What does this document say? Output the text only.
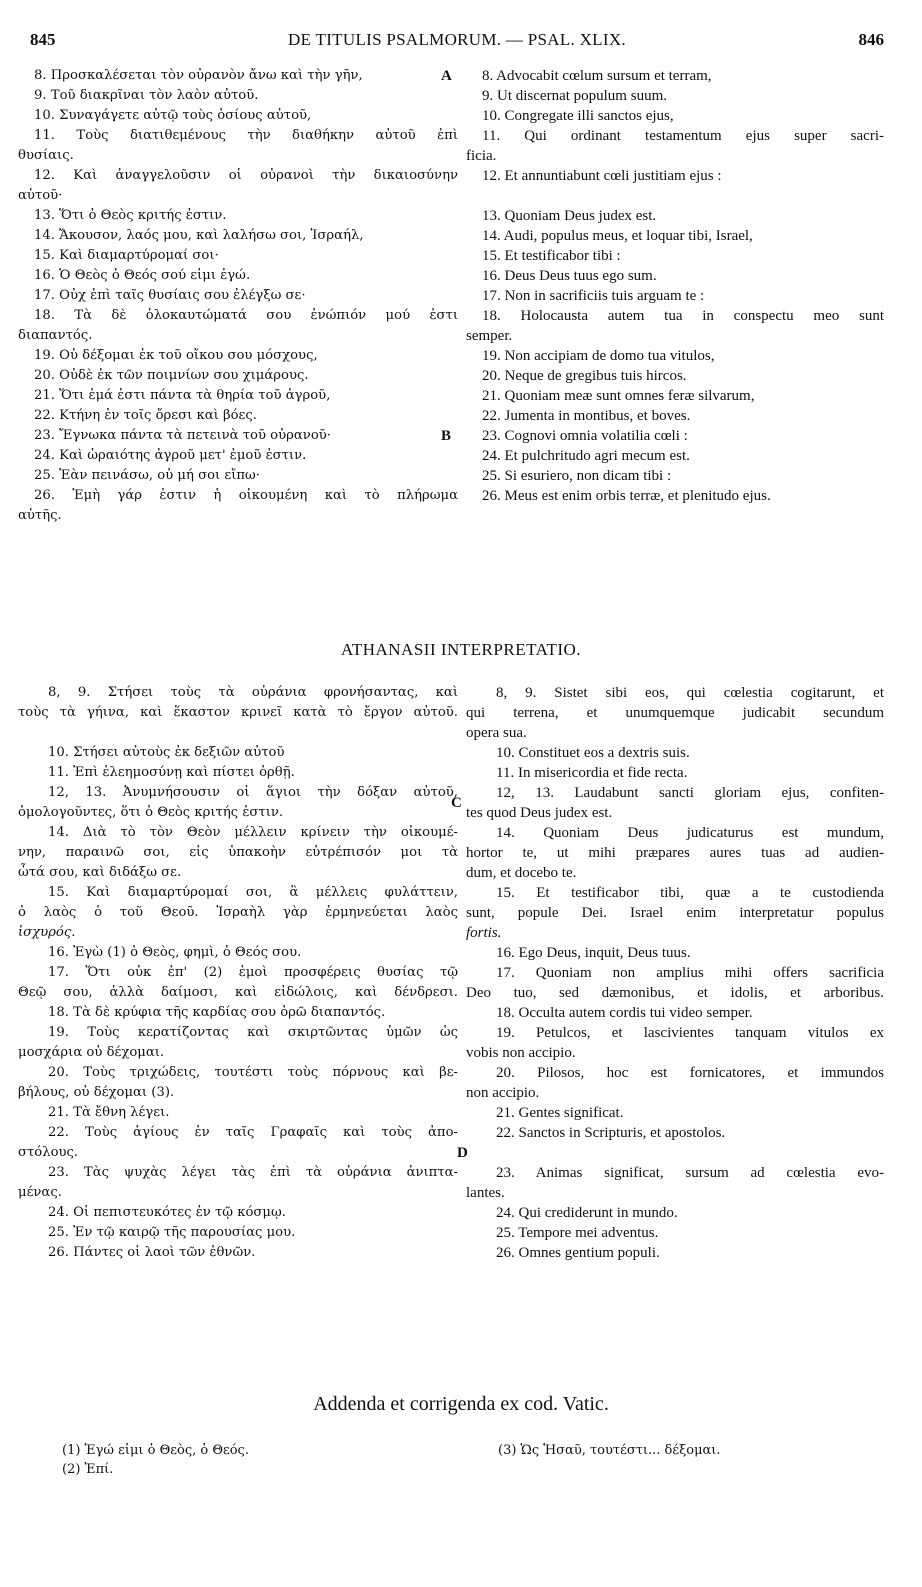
845	DE TITULIS PSALMORUM. — PSAL. XLIX.	846
8. Προσκαλέσεται τὸν οὐρανὸν ἄνω καὶ τὴν γῆν,
9. Τοῦ διακρῖναι τὸν λαὸν αὐτοῦ.
10. Συναγάγετε αὐτῷ τοὺς ὁσίους αὐτοῦ,
11. Τοὺς διατιθεμένους τὴν διαθήκην αὐτοῦ ἐπὶ
θυσίαις.
12. Καὶ ἀναγγελοῦσιν οἱ οὐρανοὶ τὴν δικαιοσύνην
αὐτοῦ·
13. Ὅτι ὁ Θεὸς κριτής ἐστιν.
14. Ἄκουσον, λαός μου, καὶ λαλήσω σοι, Ἰσραήλ,
15. Καὶ διαμαρτύρομαί σοι·
16. Ὁ Θεὸς ὁ Θεός σού εἰμι ἐγώ.
17. Οὐχ ἐπὶ ταῖς θυσίαις σου ἐλέγξω σε·
18. Τὰ δὲ ὁλοκαυτώματά σου ἐνώπιόν μού ἐστι
διαπαντός.
19. Οὐ δέξομαι ἐκ τοῦ οἴκου σου μόσχους,
20. Οὐδὲ ἐκ τῶν ποιμνίων σου χιμάρους.
21. Ὅτι ἐμά ἐστι πάντα τὰ θηρία τοῦ ἀγροῦ,
22. Κτήνη ἐν τοῖς ὄρεσι καὶ βόες.
23. Ἔγνωκα πάντα τὰ πετεινὰ τοῦ οὐρανοῦ·
24. Καὶ ὡραιότης ἀγροῦ μετ' ἐμοῦ ἐστιν.
25. Ἐὰν πεινάσω, οὐ μή σοι εἴπω·
26. Ἐμὴ γάρ ἐστιν ἡ οἰκουμένη καὶ τὸ πλήρωμα
αὐτῆς.
8. Advocabit cœlum sursum et terram,
9. Ut discernat populum suum.
10. Congregate illi sanctos ejus,
11. Qui ordinant testamentum ejus super sacri-
ficia.
12. Et annuntiabunt cœli justitiam ejus :
13. Quoniam Deus judex est.
14. Audi, populus meus, et loquar tibi, Israel,
15. Et testificabor tibi :
16. Deus Deus tuus ego sum.
17. Non in sacrificiis tuis arguam te :
18. Holocausta autem tua in conspectu meo sunt
semper.
19. Non accipiam de domo tua vitulos,
20. Neque de gregibus tuis hircos.
21. Quoniam meæ sunt omnes feræ silvarum,
22. Jumenta in montibus, et boves.
23. Cognovi omnia volatilia cœli :
24. Et pulchritudo agri mecum est.
25. Si esuriero, non dicam tibi :
26. Meus est enim orbis terræ, et plenitudo ejus.
A
B
ATHANASII INTERPRETATIO.
8, 9. Στήσει τοὺς τὰ οὐράνια φρονήσαντας, καὶ
τοὺς τὰ γήινα, καὶ ἕκαστον κρινεῖ κατὰ τὸ ἔργον αὐτοῦ.
10. Στήσει αὐτοὺς ἐκ δεξιῶν αὐτοῦ
11. Ἐπὶ ἐλεημοσύνῃ καὶ πίστει ὀρθῇ.
12, 13. Ἀνυμνήσουσιν οἱ ἅγιοι τὴν δόξαν αὐτοῦ,
ὁμολογοῦντες, ὅτι ὁ Θεὸς κριτής ἐστιν.
14. Διὰ τὸ τὸν Θεὸν μέλλειν κρίνειν τὴν οἰκουμέ-
νην, παραινῶ σοι, εἰς ὑπακοὴν εὐτρέπισόν μοι τὰ
ὦτά σου, καὶ διδάξω σε.
15. Καὶ διαμαρτύρομαί σοι, ἃ μέλλεις φυλάττειν,
ὁ λαὸς ὁ τοῦ Θεοῦ. Ἰσραὴλ γὰρ ἑρμηνεύεται λαὸς
ἰσχυρός.
16. Ἐγὼ (1) ὁ Θεὸς, φημὶ, ὁ Θεός σου.
17. Ὅτι οὐκ ἐπ' (2) ἐμοὶ προσφέρεις θυσίας τῷ
Θεῷ σου, ἀλλὰ δαίμοσι, καὶ εἰδώλοις, καὶ δένδρεσι.
18. Τὰ δὲ κρύφια τῆς καρδίας σου ὁρῶ διαπαντός.
19. Τοὺς κερατίζοντας καὶ σκιρτῶντας ὑμῶν ὡς
μοσχάρια οὐ δέχομαι.
20. Τοὺς τριχώδεις, τουτέστι τοὺς πόρνους καὶ βε-
βήλους, οὐ δέχομαι (3).
21. Τὰ ἔθνη λέγει.
22. Τοὺς ἁγίους ἐν ταῖς Γραφαῖς καὶ τοὺς ἀπο-
στόλους.
23. Τὰς ψυχὰς λέγει τὰς ἐπὶ τὰ οὐράνια ἀνιπτα-
μένας.
24. Οἱ πεπιστευκότες ἐν τῷ κόσμῳ.
25. Ἐν τῷ καιρῷ τῆς παρουσίας μου.
26. Πάντες οἱ λαοὶ τῶν ἐθνῶν.
8, 9. Sistet sibi eos, qui cœlestia cogitarunt, et
qui terrena, et unumquemque judicabit secundum
opera sua.
10. Constituet eos a dextris suis.
11. In misericordia et fide recta.
12, 13. Laudabunt sancti gloriam ejus, confiten-
tes quod Deus judex est.
14. Quoniam Deus judicaturus est mundum,
hortor te, ut mihi præpares aures tuas ad audien-
dum, et docebo te.
15. Et testificabor tibi, quæ a te custodienda
sunt, popule Dei. Israel enim interpretatur populus
fortis.
16. Ego Deus, inquit, Deus tuus.
17. Quoniam non amplius mihi offers sacrificia
Deo tuo, sed dæmonibus, et idolis, et arboribus.
18. Occulta autem cordis tui video semper.
19. Petulcos, et lascivientes tanquam vitulos ex
vobis non accipio.
20. Pilosos, hoc est fornicatores, et immundos
non accipio.
21. Gentes significat.
22. Sanctos in Scripturis, et apostolos.
23. Animas significat, sursum ad cœlestia evo-
lantes.
24. Qui crediderunt in mundo.
25. Tempore mei adventus.
26. Omnes gentium populi.
C
D
Addenda et corrigenda ex cod. Vatic.
(1) Ἐγώ εἰμι ὁ Θεὸς, ὁ Θεός.
(2) Ἐπί.
(3) Ὡς Ἡσαῦ, τουτέστι... δέξομαι.
